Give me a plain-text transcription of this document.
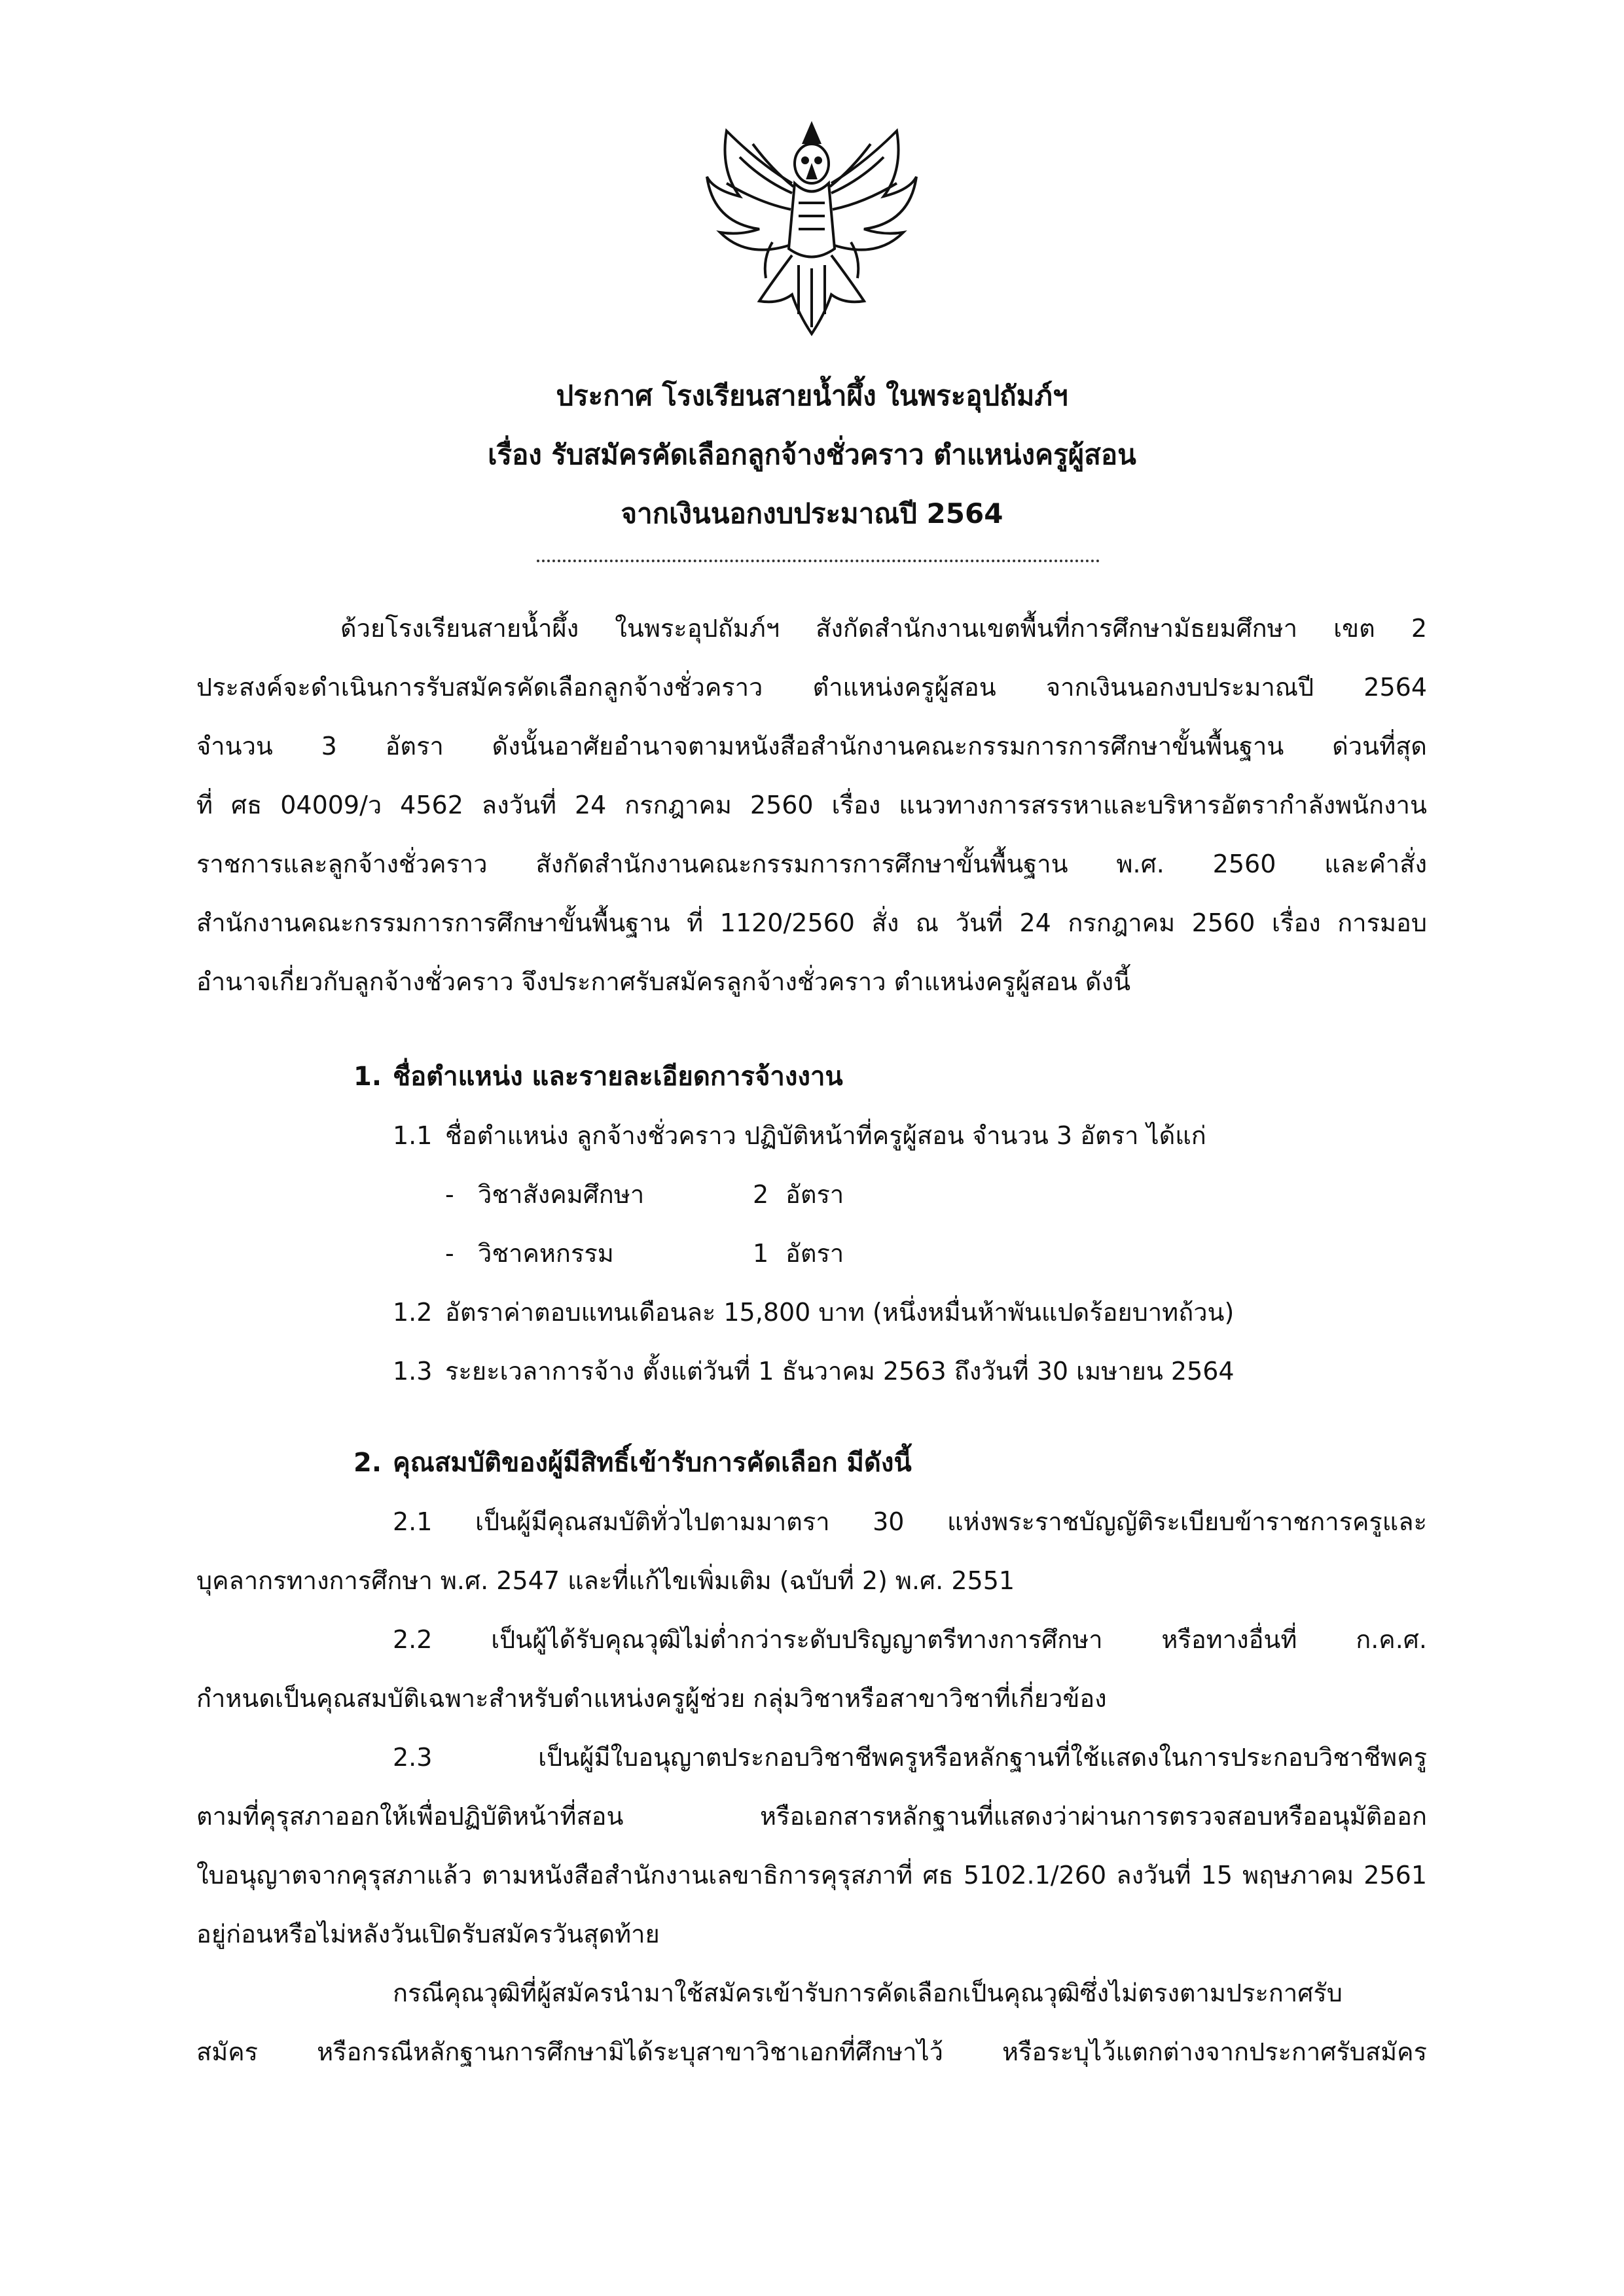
ประกาศ โรงเรียนสายน้ำผึ้ง ในพระอุปถัมภ์ฯ
เรื่อง รับสมัครคัดเลือกลูกจ้างชั่วคราว ตำแหน่งครูผู้สอน
จากเงินนอกงบประมาณปี 2564
ด้วยโรงเรียนสายน้ำผึ้ง ในพระอุปถัมภ์ฯ สังกัดสำนักงานเขตพื้นที่การศึกษามัธยมศึกษา เขต 2
ประสงค์จะดำเนินการรับสมัครคัดเลือกลูกจ้างชั่วคราว ตำแหน่งครูผู้สอน จากเงินนอกงบประมาณปี 2564
จำนวน 3 อัตรา ดังนั้นอาศัยอำนาจตามหนังสือสำนักงานคณะกรรมการการศึกษาขั้นพื้นฐาน ด่วนที่สุด
ที่ ศธ 04009/ว 4562 ลงวันที่ 24 กรกฎาคม 2560 เรื่อง แนวทางการสรรหาและบริหารอัตรากำลังพนักงาน
ราชการและลูกจ้างชั่วคราว สังกัดสำนักงานคณะกรรมการการศึกษาขั้นพื้นฐาน พ.ศ. 2560 และคำสั่ง
สำนักงานคณะกรรมการการศึกษาขั้นพื้นฐาน ที่ 1120/2560 สั่ง ณ วันที่ 24 กรกฎาคม 2560 เรื่อง การมอบ
อำนาจเกี่ยวกับลูกจ้างชั่วคราว จึงประกาศรับสมัครลูกจ้างชั่วคราว ตำแหน่งครูผู้สอน ดังนี้
1. ชื่อตำแหน่ง และรายละเอียดการจ้างงาน
1.1 ชื่อตำแหน่ง ลูกจ้างชั่วคราว ปฏิบัติหน้าที่ครูผู้สอน จำนวน 3 อัตรา ได้แก่
- วิชาสังคมศึกษา	2 อัตรา
- วิชาคหกรรม	1 อัตรา
1.2 อัตราค่าตอบแทนเดือนละ 15,800 บาท (หนึ่งหมื่นห้าพันแปดร้อยบาทถ้วน)
1.3 ระยะเวลาการจ้าง ตั้งแต่วันที่ 1 ธันวาคม 2563 ถึงวันที่ 30 เมษายน 2564
2. คุณสมบัติของผู้มีสิทธิ์เข้ารับการคัดเลือก มีดังนี้
2.1 เป็นผู้มีคุณสมบัติทั่วไปตามมาตรา 30 แห่งพระราชบัญญัติระเบียบข้าราชการครูและ
บุคลากรทางการศึกษา พ.ศ. 2547 และที่แก้ไขเพิ่มเติม (ฉบับที่ 2) พ.ศ. 2551
2.2 เป็นผู้ได้รับคุณวุฒิไม่ต่ำกว่าระดับปริญญาตรีทางการศึกษา หรือทางอื่นที่ ก.ค.ศ.
กำหนดเป็นคุณสมบัติเฉพาะสำหรับตำแหน่งครูผู้ช่วย กลุ่มวิชาหรือสาขาวิชาที่เกี่ยวข้อง
2.3 เป็นผู้มีใบอนุญาตประกอบวิชาชีพครูหรือหลักฐานที่ใช้แสดงในการประกอบวิชาชีพครู
ตามที่คุรุสภาออกให้เพื่อปฏิบัติหน้าที่สอน หรือเอกสารหลักฐานที่แสดงว่าผ่านการตรวจสอบหรืออนุมัติออก
ใบอนุญาตจากคุรุสภาแล้ว ตามหนังสือสำนักงานเลขาธิการคุรุสภาที่ ศธ 5102.1/260 ลงวันที่ 15 พฤษภาคม 2561
อยู่ก่อนหรือไม่หลังวันเปิดรับสมัครวันสุดท้าย
กรณีคุณวุฒิที่ผู้สมัครนำมาใช้สมัครเข้ารับการคัดเลือกเป็นคุณวุฒิซึ่งไม่ตรงตามประกาศรับ
สมัคร หรือกรณีหลักฐานการศึกษามิได้ระบุสาขาวิชาเอกที่ศึกษาไว้ หรือระบุไว้แตกต่างจากประกาศรับสมัคร
